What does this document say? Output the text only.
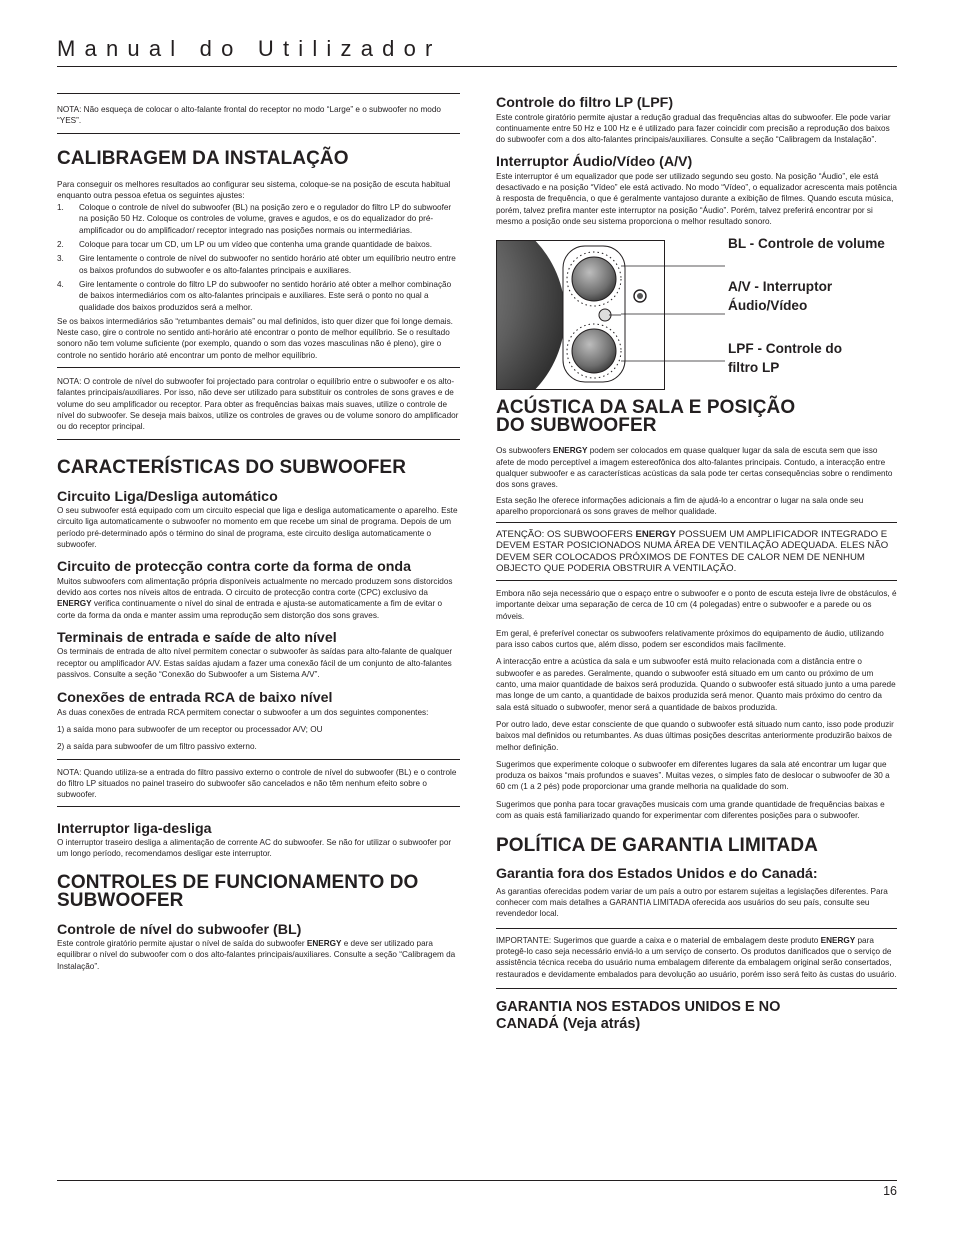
Manual do Utilizador
NOTA: Não esqueça de colocar o alto-falante frontal do receptor no modo “Large” e o subwoofer no modo “YES”.
CALIBRAGEM DA INSTALAÇÃO

Para conseguir os melhores resultados ao configurar seu sistema, coloque-se na posição de escuta habitual enquanto outra pessoa efetua os seguintes ajustes:

1. Coloque o controle de nível do subwoofer (BL) na posição zero e o regulador do filtro LP do subwoofer na posição 50 Hz. Coloque os controles de volume, graves e agudos, e os do equalizador do pré-amplificador ou do amplificador/ receptor integrado nas posições normais ou intermediárias.
2. Coloque para tocar um CD, um LP ou um vídeo que contenha uma grande quantidade de baixos.
3. Gire lentamente o controle de nível do subwoofer no sentido horário até obter um equilíbrio neutro entre os baixos profundos do subwoofer e os alto-falantes principais e auxiliares.
4. Gire lentamente o controle do filtro LP do subwoofer no sentido horário até obter a melhor combinação de baixos intermediários com os alto-falantes principais e auxiliares. Este será o ponto no qual a qualidade dos baixos produzidos será a melhor.

Se os baixos intermediários são “retumbantes demais” ou mal definidos, isto quer dizer que foi longe demais. Neste caso, gire o controle no sentido anti-horário até encontrar o ponto de melhor equilíbrio. Se o resultado sonoro não tem volume suficiente (por exemplo, quando o som das vozes masculinas não é pleno), gire o controle no sentido horário até encontrar um ponto de melhor equilíbrio.

NOTA: O controle de nível do subwoofer foi projectado para controlar o equilíbrio entre o subwoofer e os alto-falantes principais/auxiliares. Por isso, não deve ser utilizado para substituir os controles de sons graves e de volume do seu amplificador ou receptor. Para obter as frequências baixas mais suaves, utilize o controle de nível do subwoofer. Se deseja mais baixos, utilize os controles de graves ou de volume sonoro do amplificador ou do receptor principal.
CARACTERÍSTICAS DO SUBWOOFER
Circuito Liga/Desliga automático

O seu subwoofer está equipado com um circuito especial que liga e desliga automaticamente o aparelho. Este circuito liga automaticamente o subwoofer no momento em que recebe um sinal de programa. Depois de um período pré-determinado após o término do sinal de programa, este circuito desliga automaticamente o subwoofer.

Circuito de protecção contra corte da forma de onda

Muitos subwoofers com alimentação própria disponíveis actualmente no mercado produzem sons distorcidos devido aos cortes nos níveis altos de entrada. O circuito de protecção contra corte (CPC) exclusivo da ENERGY verifica continuamente o nível do sinal de entrada e ajusta-se automaticamente a fim de evitar o corte da forma da onda e manter assim uma reprodução sem distorção dos sons graves.

Terminais de entrada e saíde de alto nível

Os terminais de entrada de alto nível permitem conectar o subwoofer às saídas para alto-falante de qualquer receptor ou amplificador A/V. Estas saídas ajudam a fazer uma conexão fácil de um conjunto de alto-falantes passivos. Consulte a seção “Conexão do Subwoofer a um Sistema A/V”.

Conexões de entrada RCA de baixo nível

As duas conexões de entrada RCA permitem conectar o subwoofer a um dos seguintes componentes:

1) a saída mono para subwoofer de um receptor ou processador A/V; OU

2) a saída para subwoofer de um filtro passivo externo.

NOTA: Quando utiliza-se a entrada do filtro passivo externo o controle de nível do subwoofer (BL) e o controle do filtro LP situados no painel traseiro do subwoofer são cancelados e não têm nenhum efeito sobre o subwoofer.
Interruptor liga-desliga

O interruptor traseiro desliga a alimentação de corrente AC do subwoofer. Se não for utilizar o subwoofer por um longo período, recomendamos desligar este interruptor.

CONTROLES DE FUNCIONAMENTO DO SUBWOOFER
Controle de nível do subwoofer (BL)

Este controle giratório permite ajustar o nível de saída do subwoofer ENERGY e deve ser utilizado para equilibrar o nível do subwoofer com o dos alto-falantes principais/auxiliares. Consulte a seção “Calibragem da Instalação”.

Controle do filtro LP (LPF)

Este controle giratório permite ajustar a redução gradual das frequências altas do subwoofer. Ele pode variar continuamente entre 50 Hz e 100 Hz e é utilizado para fazer coincidir com precisão a reprodução dos baixos do subwoofer com a dos alto-falantes principais/auxiliares. Consulte a seção “Calibragem da Instalação”.

Interruptor Áudio/Vídeo (A/V)

Este interruptor é um equalizador que pode ser utilizado segundo seu gosto. Na posição “Áudio”, ele está desactivado e na posição “Vídeo” ele está activado. No modo “Vídeo”, o equalizador acrescenta mais potência à resposta de frequência, o que é geralmente vantajoso durante a exibição de filmes. Quando escuta música, porém, talvez prefira manter este interruptor na posição “Áudio”. Porém, talvez preferirá encontrar por si mesmo a posição onde seu sistema proporciona o melhor resultado sonoro.

BL - Controle de volume
A/V - Interruptor
Áudio/Vídeo
LPF - Controle do
filtro LP
ACÚSTICA DA SALA E POSIÇÃO
DO SUBWOOFER

Os subwoofers ENERGY podem ser colocados em quase qualquer lugar da sala de escuta sem que isso afete de modo perceptível a imagem estereofônica dos alto-falantes principais. Contudo, a interacção entre qualquer subwoofer e as características acústicas da sala pode ter certas consequências sobre o rendimento dos sons graves.

Esta seção lhe oferece informações adicionais a fim de ajudá-lo a encontrar o lugar na sala onde seu aparelho proporcionará os sons graves de melhor qualidade.

ATENÇÃO: OS SUBWOOFERS ENERGY POSSUEM UM AMPLIFICADOR INTEGRADO E DEVEM ESTAR POSICIONADOS NUMA ÁREA DE VENTILAÇÃO ADEQUADA. ELES NÃO DEVEM SER COLOCADOS PRÓXIMOS DE FONTES DE CALOR NEM DE NENHUM OBJECTO QUE PODERIA OBSTRUIR A VENTILAÇÃO.

Embora não seja necessário que o espaço entre o subwoofer e o ponto de escuta esteja livre de obstáculos, é importante deixar uma separação de cerca de 10 cm (4 polegadas) entre o subwoofer e a parede ou os móveis.

Em geral, é preferível conectar os subwoofers relativamente próximos do equipamento de áudio, utilizando para isso cabos curtos que, além disso, podem ser escondidos mais facilmente.

A interacção entre a acústica da sala e um subwoofer está muito relacionada com a distância entre o subwoofer e as paredes. Geralmente, quando o subwoofer está situado em um canto ou próximo de um canto, uma maior quantidade de baixos será produzida. Quando o subwoofer está situado junto a uma parede mas longe de um canto, a quantidade de baixos produzida será menor. Quanto mais próximo do centro da sala está situado o subwoofer, menor será a quantidade de baixos produzida.

Por outro lado, deve estar consciente de que quando o subwoofer está situado num canto, isso pode produzir baixos mal definidos ou retumbantes. As duas últimas posições descritas anteriormente produzirão baixos de melhor definição.

Sugerimos que experimente coloque o subwoofer em diferentes lugares da sala até encontrar um lugar que produza os baixos “mais profundos e suaves”. Muitas vezes, o simples fato de deslocar o subwoofer de 30 a 60 cm (1 a 2 pés) pode proporcionar uma grande melhoria na qualidade do som.

Sugerimos que ponha para tocar gravações musicais com uma grande quantidade de frequências baixas e com as quais está familiarizado quando for experimentar com diferentes posições para o subwoofer.

POLÍTICA DE GARANTIA LIMITADA
Garantia fora dos Estados Unidos e do Canadá:

As garantias oferecidas podem variar de um país a outro por estarem sujeitas a legislações diferentes. Para conhecer com mais detalhes a GARANTIA LIMITADA oferecida aos usuários do seu país, consulte seu revendedor local.

IMPORTANTE: Sugerimos que guarde a caixa e o material de embalagem deste produto ENERGY para protegê-lo caso seja necessário enviá-lo a um serviço de conserto. Os produtos danificados que o serviço de assistência técnica receba do usuário numa embalagem diferente da embalagem original serão consertados, restaurados e devidamente embalados para devolução ao usuário, porém isso será feito às custas do usuário.
GARANTIA NOS ESTADOS UNIDOS E NO
CANADÁ (Veja atrás)
16
